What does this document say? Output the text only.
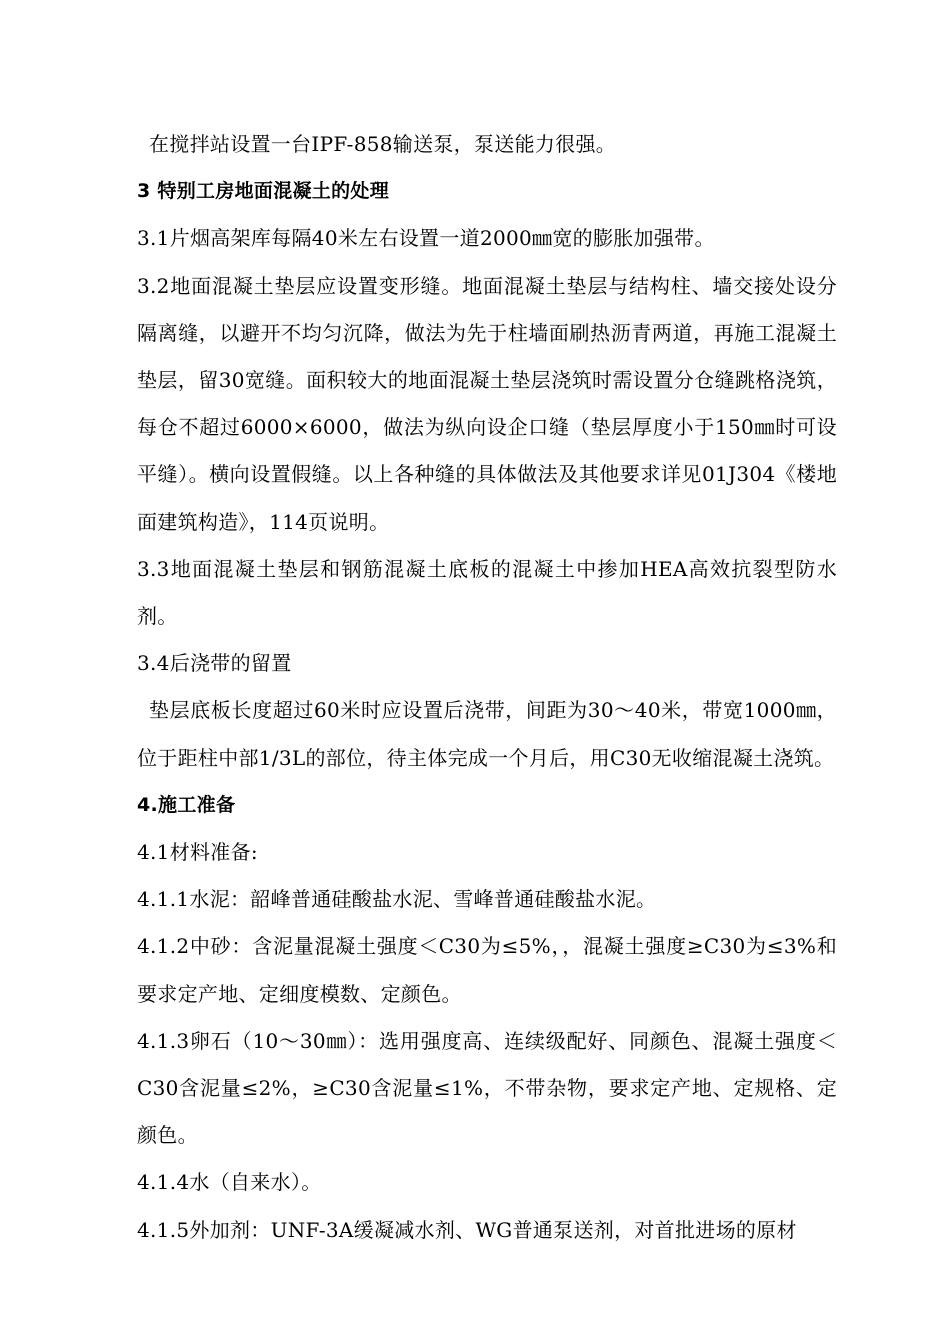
在搅拌站设置一台IPF-858输送泵，泵送能力很强。

3 特别工房地面混凝土的处理

3.1片烟高架库每隔40米左右设置一道2000㎜宽的膨胀加强带。

3.2地面混凝土垫层应设置变形缝。地面混凝土垫层与结构柱、墙交接处设分隔离缝，以避开不均匀沉降，做法为先于柱墙面刷热沥青两道，再施工混凝土垫层，留30宽缝。面积较大的地面混凝土垫层浇筑时需设置分仓缝跳格浇筑，每仓不超过6000×6000，做法为纵向设企口缝（垫层厚度小于150㎜时可设平缝）。横向设置假缝。以上各种缝的具体做法及其他要求详见01J304《楼地面建筑构造》，114页说明。

3.3地面混凝土垫层和钢筋混凝土底板的混凝土中掺加HEA高效抗裂型防水剂。

3.4后浇带的留置

垫层底板长度超过60米时应设置后浇带，间距为30～40米，带宽1000㎜，位于距柱中部1/3L的部位，待主体完成一个月后，用C30无收缩混凝土浇筑。

4.施工准备

4.1材料准备:

4.1.1水泥：韶峰普通硅酸盐水泥、雪峰普通硅酸盐水泥。

4.1.2中砂：含泥量混凝土强度＜C30为≤5%，，混凝土强度≥C30为≤3%和要求定产地、定细度模数、定颜色。

4.1.3卵石（10～30㎜）：选用强度高、连续级配好、同颜色、混凝土强度＜C30含泥量≤2%，≥C30含泥量≤1%，不带杂物，要求定产地、定规格、定颜色。

4.1.4水（自来水）。

4.1.5外加剂：UNF-3A缓凝减水剂、WG普通泵送剂，对首批进场的原材
